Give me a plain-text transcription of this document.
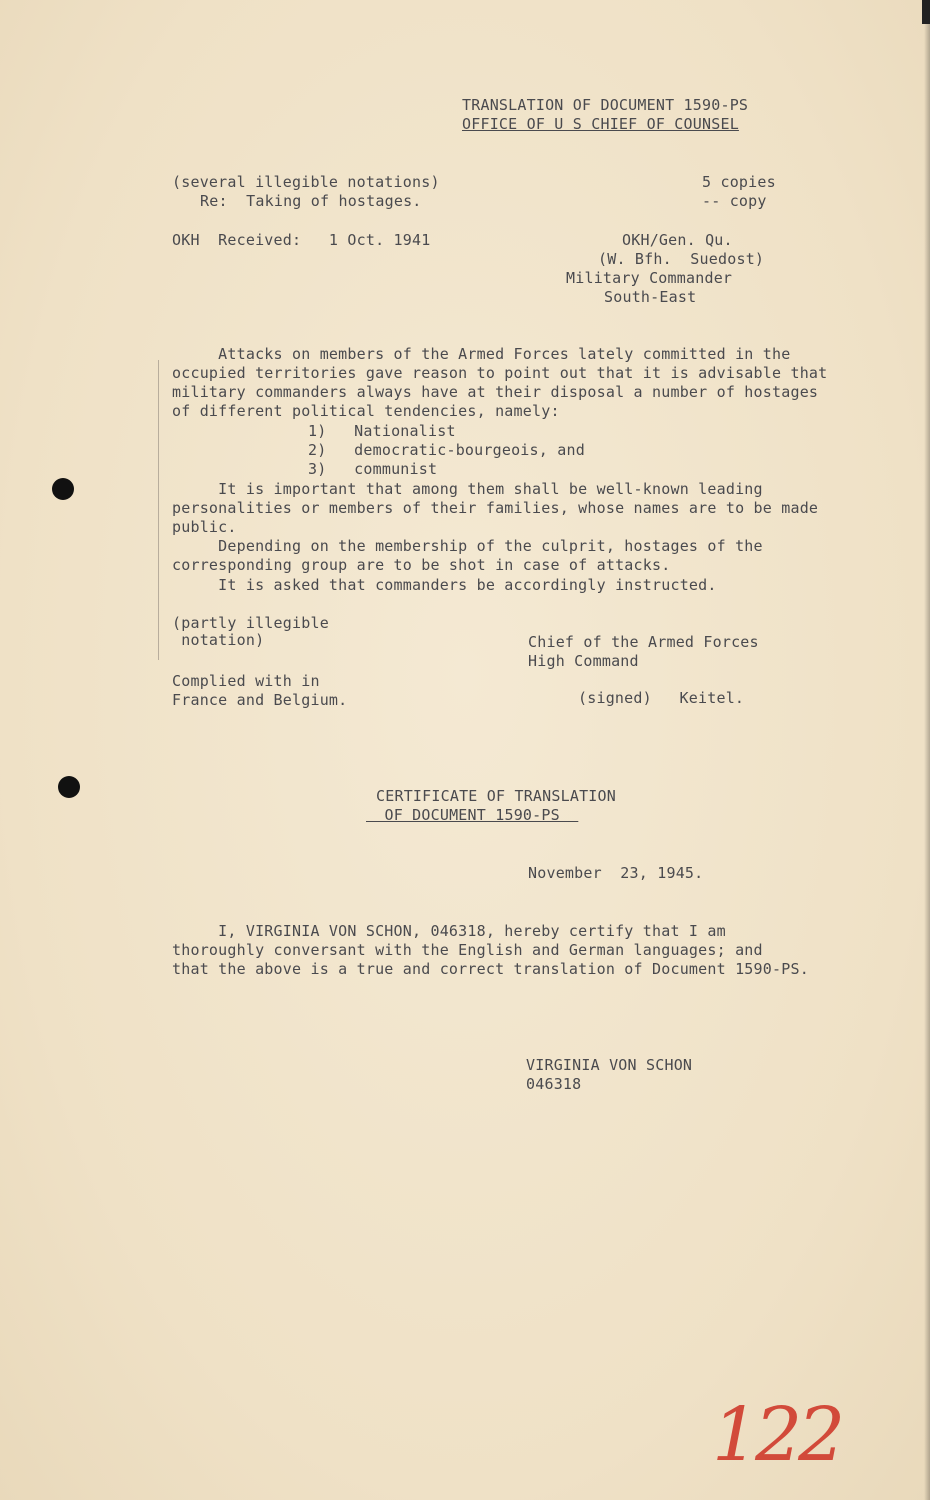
TRANSLATION OF DOCUMENT 1590-PS
OFFICE OF U S CHIEF OF COUNSEL
(several illegible notations)
Re:  Taking of hostages.
OKH  Received:   1 Oct. 1941
5 copies
-- copy
OKH/Gen. Qu.
(W. Bfh.  Suedost)
Military Commander
South-East
Attacks on members of the Armed Forces lately committed in the
occupied territories gave reason to point out that it is advisable that
military commanders always have at their disposal a number of hostages
of different political tendencies, namely:
1)   Nationalist
2)   democratic-bourgeois, and
3)   communist
It is important that among them shall be well-known leading
personalities or members of their families, whose names are to be made
public.
Depending on the membership of the culprit, hostages of the
corresponding group are to be shot in case of attacks.
It is asked that commanders be accordingly instructed.
(partly illegible
notation)
Complied with in
France and Belgium.
Chief of the Armed Forces
High Command
(signed)   Keitel.
CERTIFICATE OF TRANSLATION
OF DOCUMENT 1590-PS
November  23, 1945.
I, VIRGINIA VON SCHON, 046318, hereby certify that I am
thoroughly conversant with the English and German languages; and
that the above is a true and correct translation of Document 1590-PS.
VIRGINIA VON SCHON
046318
122
